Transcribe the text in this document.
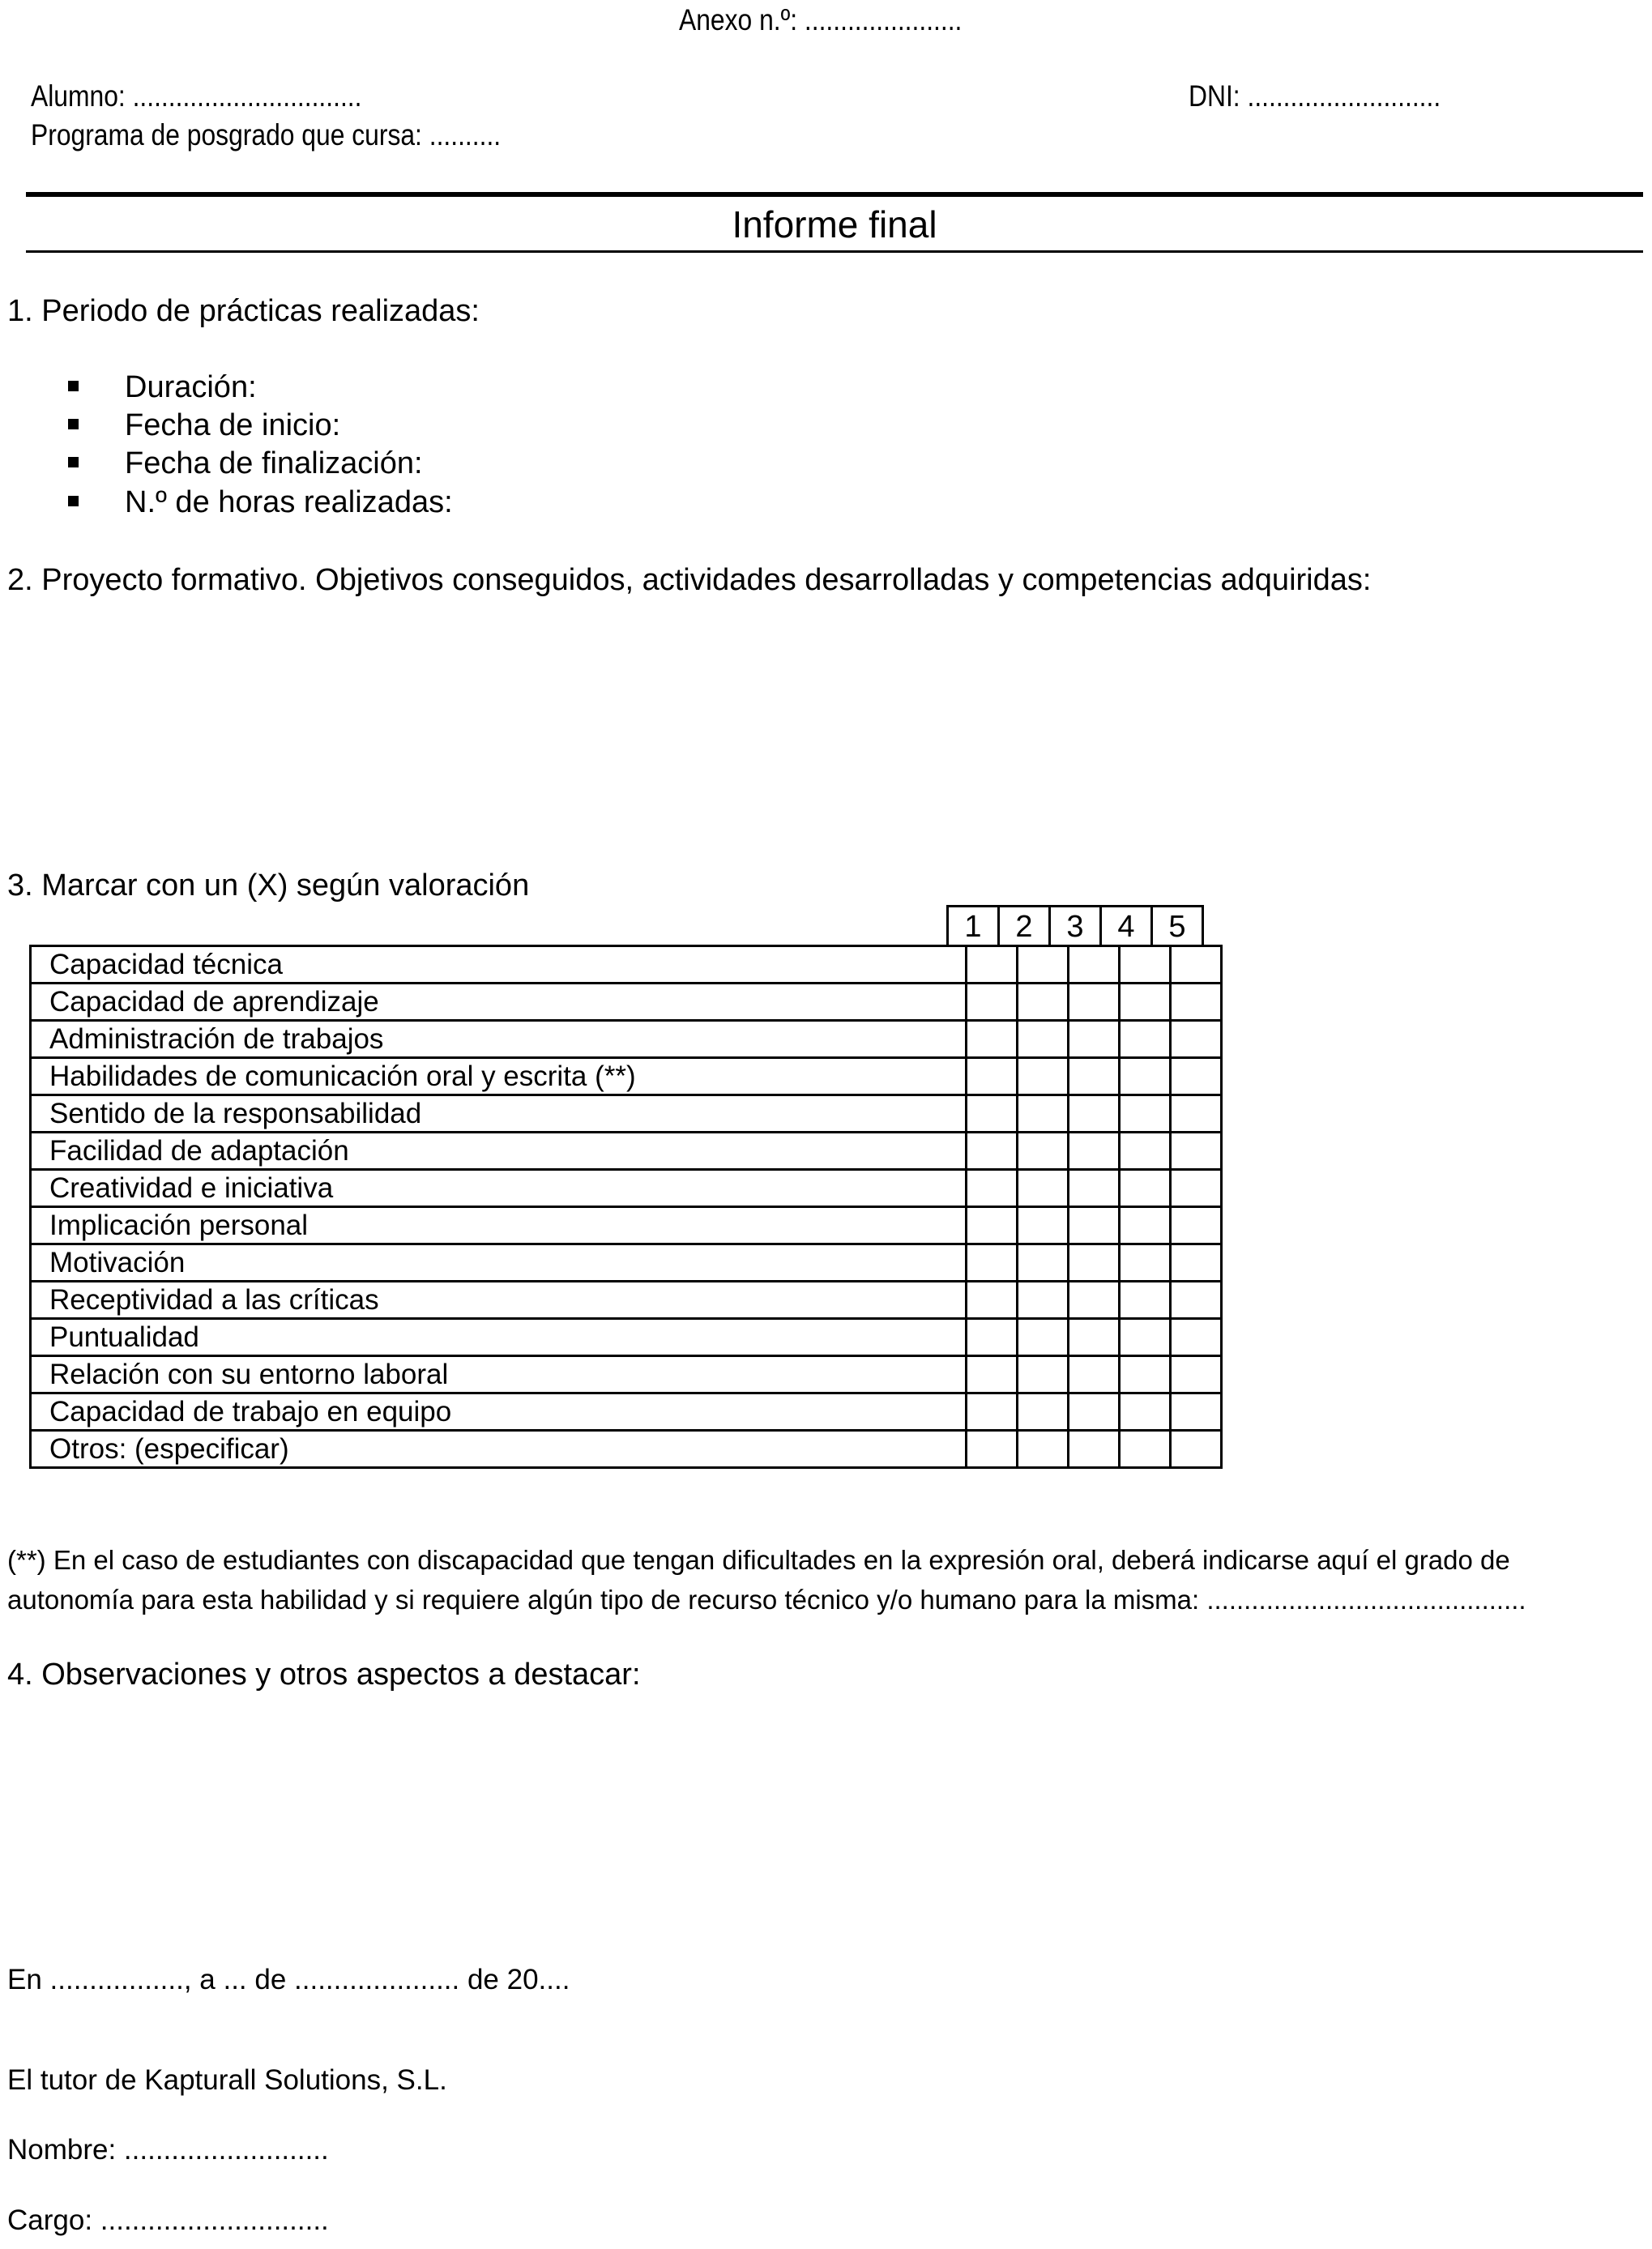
Anexo n.º: ......................
Alumno: ................................	DNI: ...........................
Programa de posgrado que cursa: ..........
Informe final
1. Periodo de prácticas realizadas:
Duración:
Fecha de inicio:
Fecha de finalización:
N.º de horas realizadas:
2. Proyecto formativo. Objetivos conseguidos, actividades desarrolladas y competencias adquiridas:
3. Marcar con un (X) según valoración
1	2	3	4	5
Capacidad técnica					
Capacidad de aprendizaje					
Administración de trabajos					
Habilidades de comunicación oral y escrita (**)					
Sentido de la responsabilidad					
Facilidad de adaptación					
Creatividad e iniciativa					
Implicación personal					
Motivación					
Receptividad a las críticas					
Puntualidad					
Relación con su entorno laboral					
Capacidad de trabajo en equipo					
Otros: (especificar)					
(**) En el caso de estudiantes con discapacidad que tengan dificultades en la expresión oral, deberá indicarse aquí el grado de
autonomía para esta habilidad y si requiere algún tipo de recurso técnico y/o humano para la misma: ...........................................
4. Observaciones y otros aspectos a destacar:
En ................., a ... de ..................... de 20....
El tutor de Kapturall Solutions, S.L.
Nombre: ..........................
Cargo: .............................
